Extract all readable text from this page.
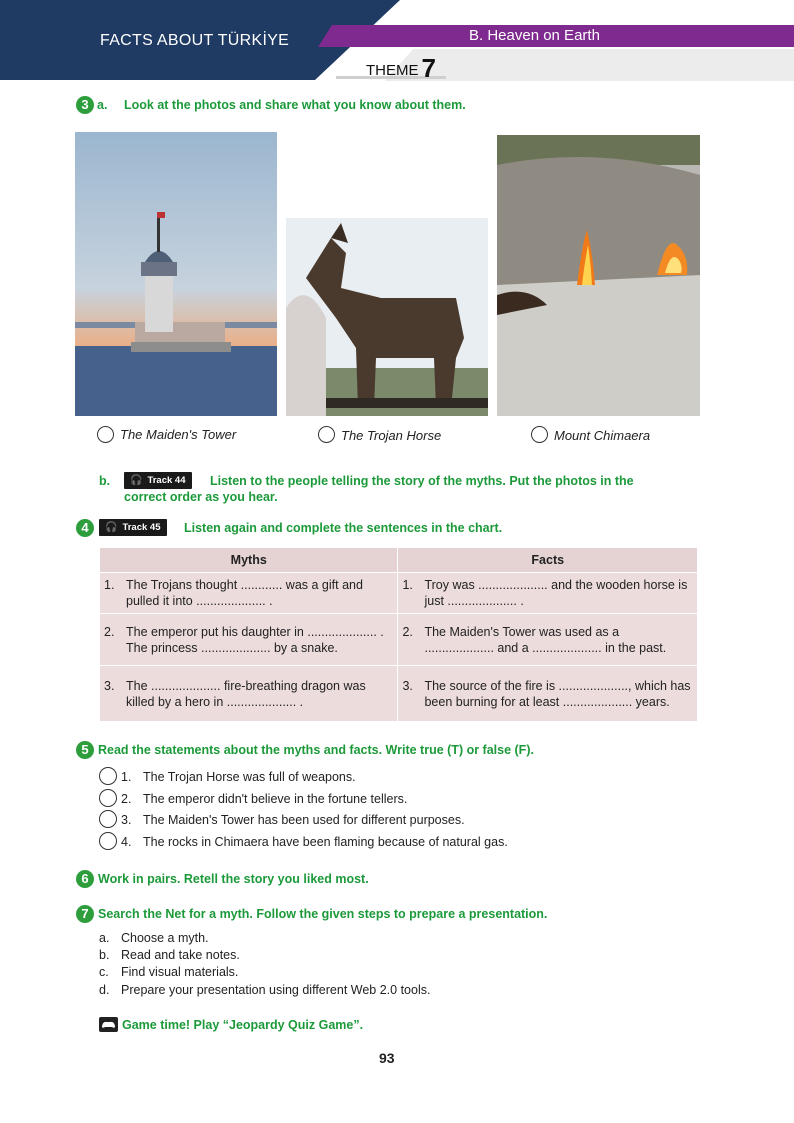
FACTS ABOUT TÜRKİYE	B. Heaven on Earth
THEME 7
3 a. Look at the photos and share what you know about them.
The Maiden's Tower	The Trojan Horse	Mount Chimaera
b.	🎧 Track 44	Listen to the people telling the story of the myths. Put the photos in the
correct order as you hear.
4	🎧 Track 45	Listen again and complete the sentences in the chart.
Myths	Facts

1. The Trojans thought ............ was a gift and pulled it into .................... .	1. Troy was .................... and the wooden horse is just .................... .

2. The emperor put his daughter in .................... . The princess .................... by a snake.	2. The Maiden's Tower was used as a .................... and a .................... in the past.

3. The .................... fire-breathing dragon was killed by a hero in .................... .	3. The source of the fire is ...................., which has been burning for at least .................... years.
5 Read the statements about the myths and facts. Write true (T) or false (F).
1. The Trojan Horse was full of weapons.
2. The emperor didn't believe in the fortune tellers.
3. The Maiden's Tower has been used for different purposes.
4. The rocks in Chimaera have been flaming because of natural gas.
6 Work in pairs. Retell the story you liked most.
7 Search the Net for a myth. Follow the given steps to prepare a presentation.
a. Choose a myth.
b. Read and take notes.
c. Find visual materials.
d. Prepare your presentation using different Web 2.0 tools.
Game time! Play “Jeopardy Quiz Game”.
93
